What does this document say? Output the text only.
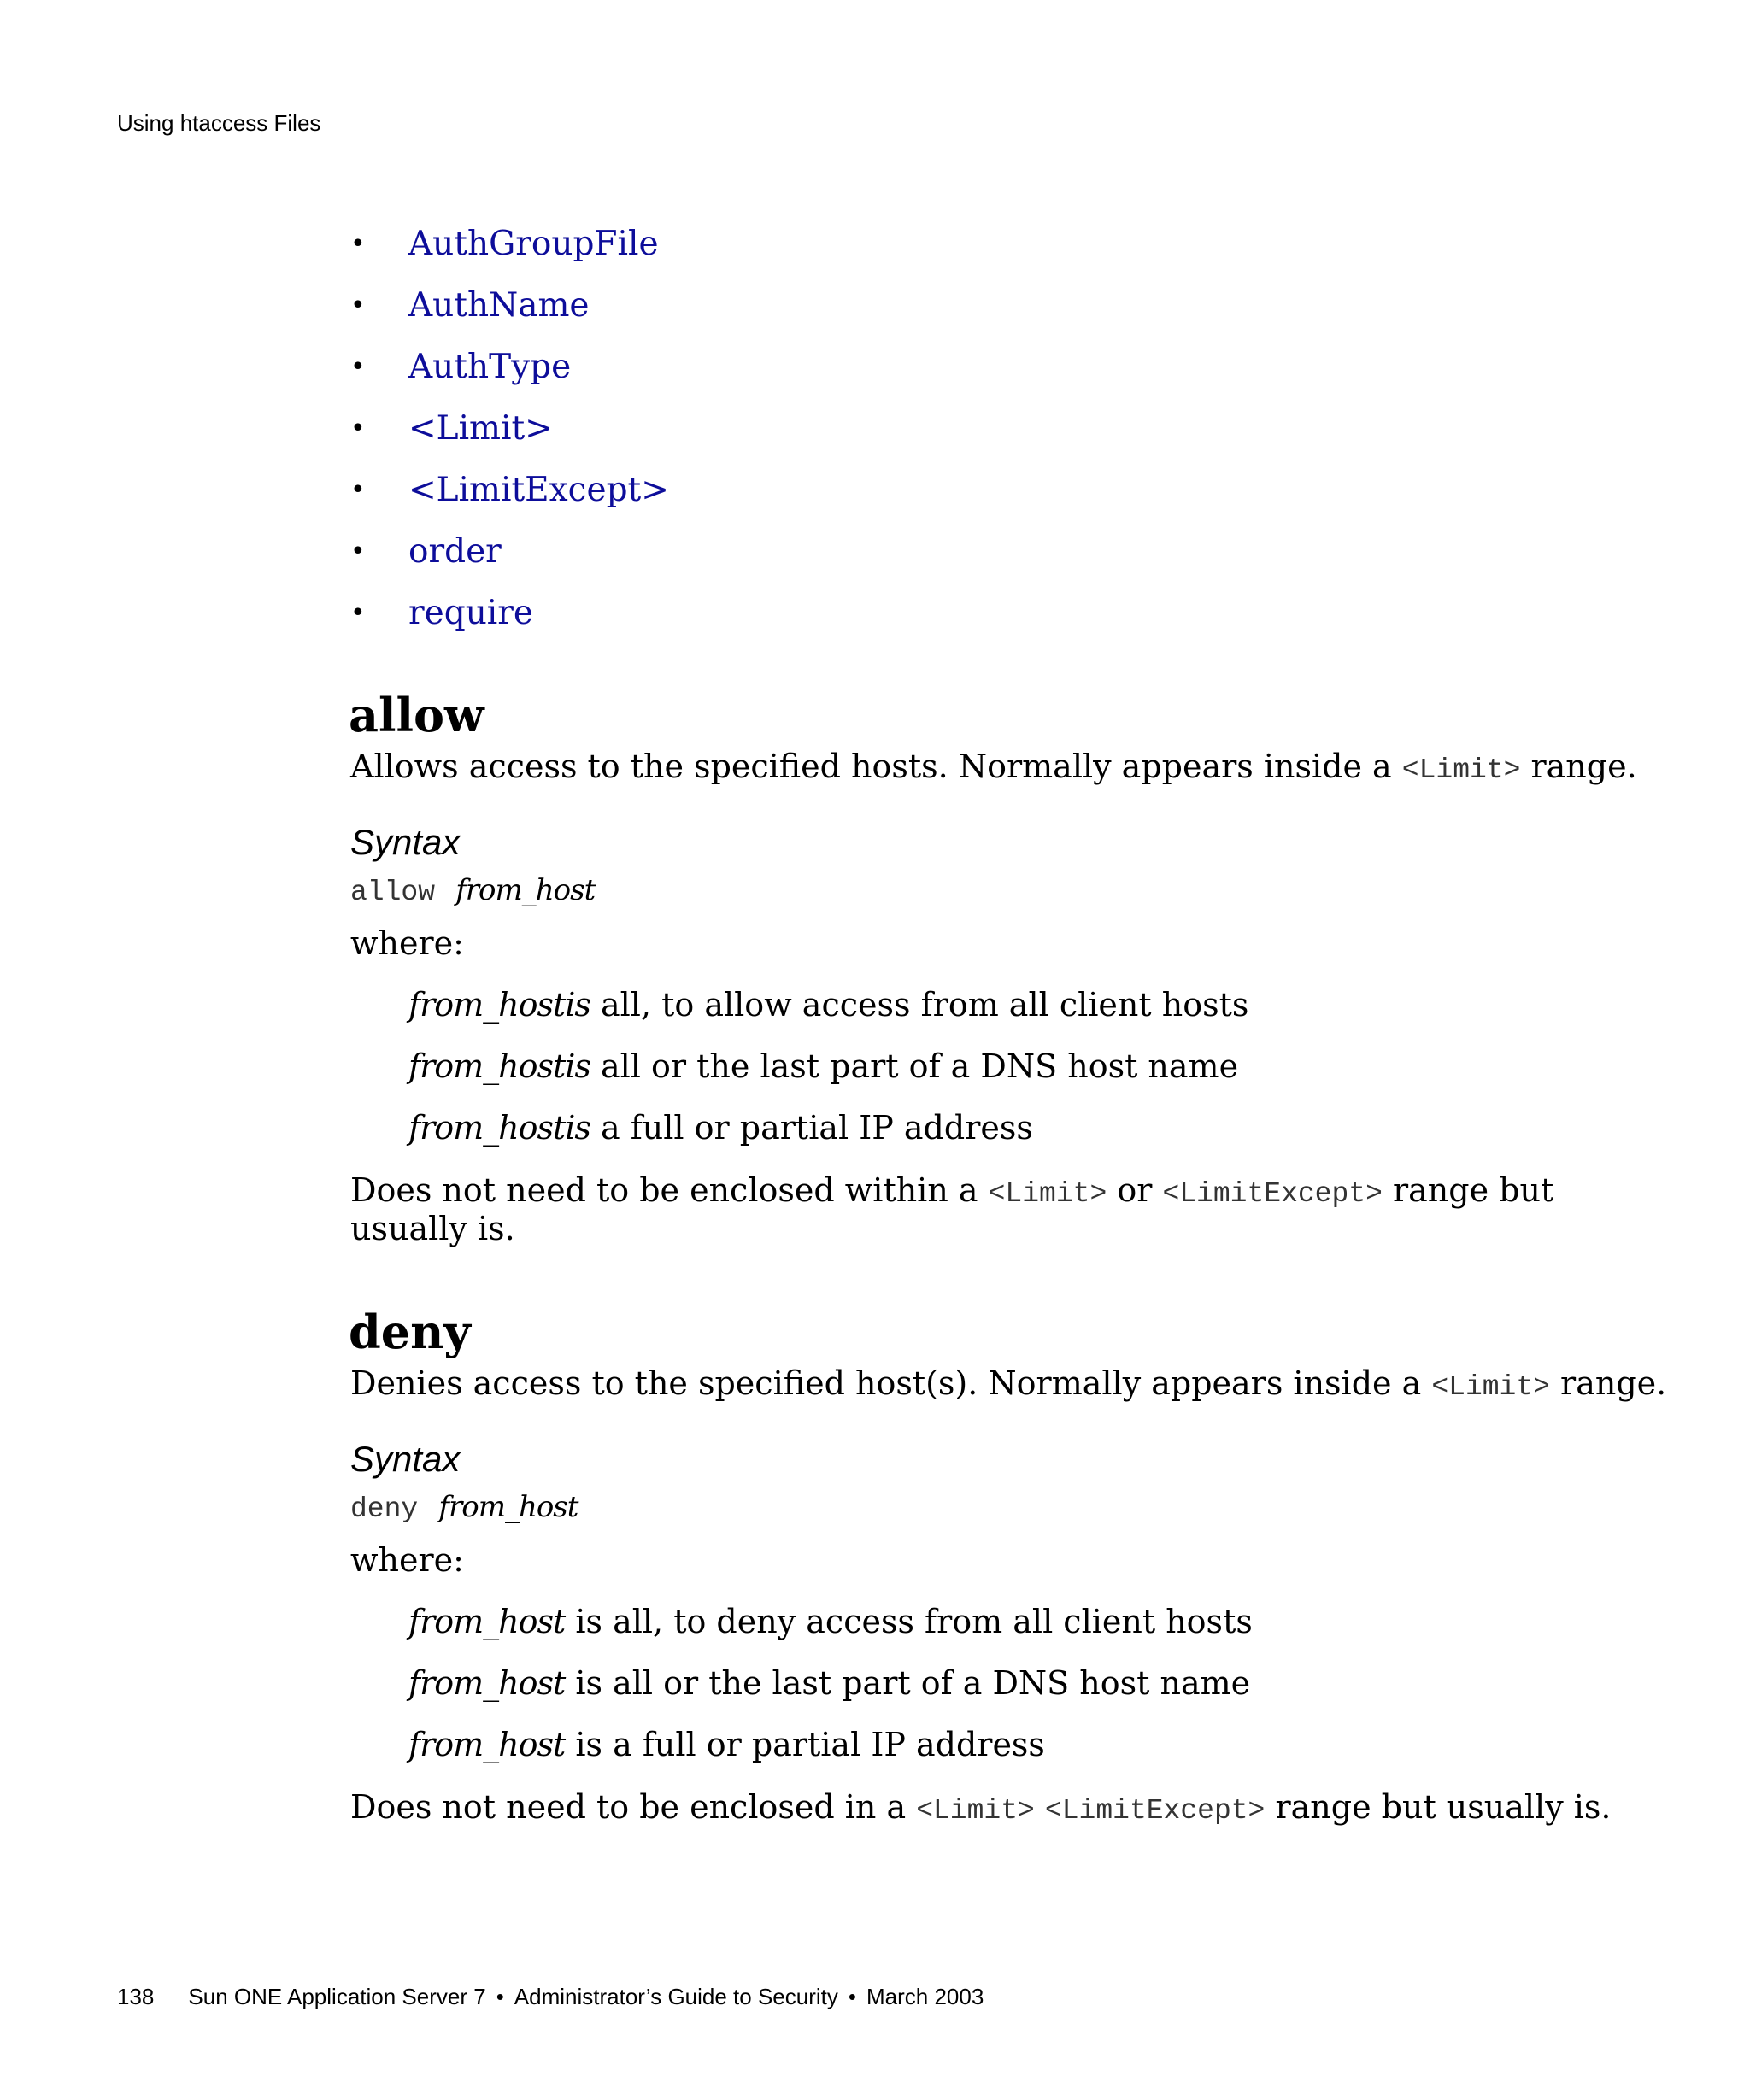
Using htaccess Files
• AuthGroupFile
• AuthName
• AuthType
• <Limit>
• <LimitExcept>
• order
• require
allow
Allows access to the specified hosts. Normally appears inside a <Limit> range.
Syntax
allow from_host
where:
from_hostis all, to allow access from all client hosts
from_hostis all or the last part of a DNS host name
from_hostis a full or partial IP address
Does not need to be enclosed within a <Limit> or <LimitExcept> range but
usually is.
deny
Denies access to the specified host(s). Normally appears inside a <Limit> range.
Syntax
deny from_host
where:
from_host is all, to deny access from all client hosts
from_host is all or the last part of a DNS host name
from_host is a full or partial IP address
Does not need to be enclosed in a <Limit> <LimitExcept> range but usually is.
138 Sun ONE Application Server 7 • Administrator’s Guide to Security • March 2003
